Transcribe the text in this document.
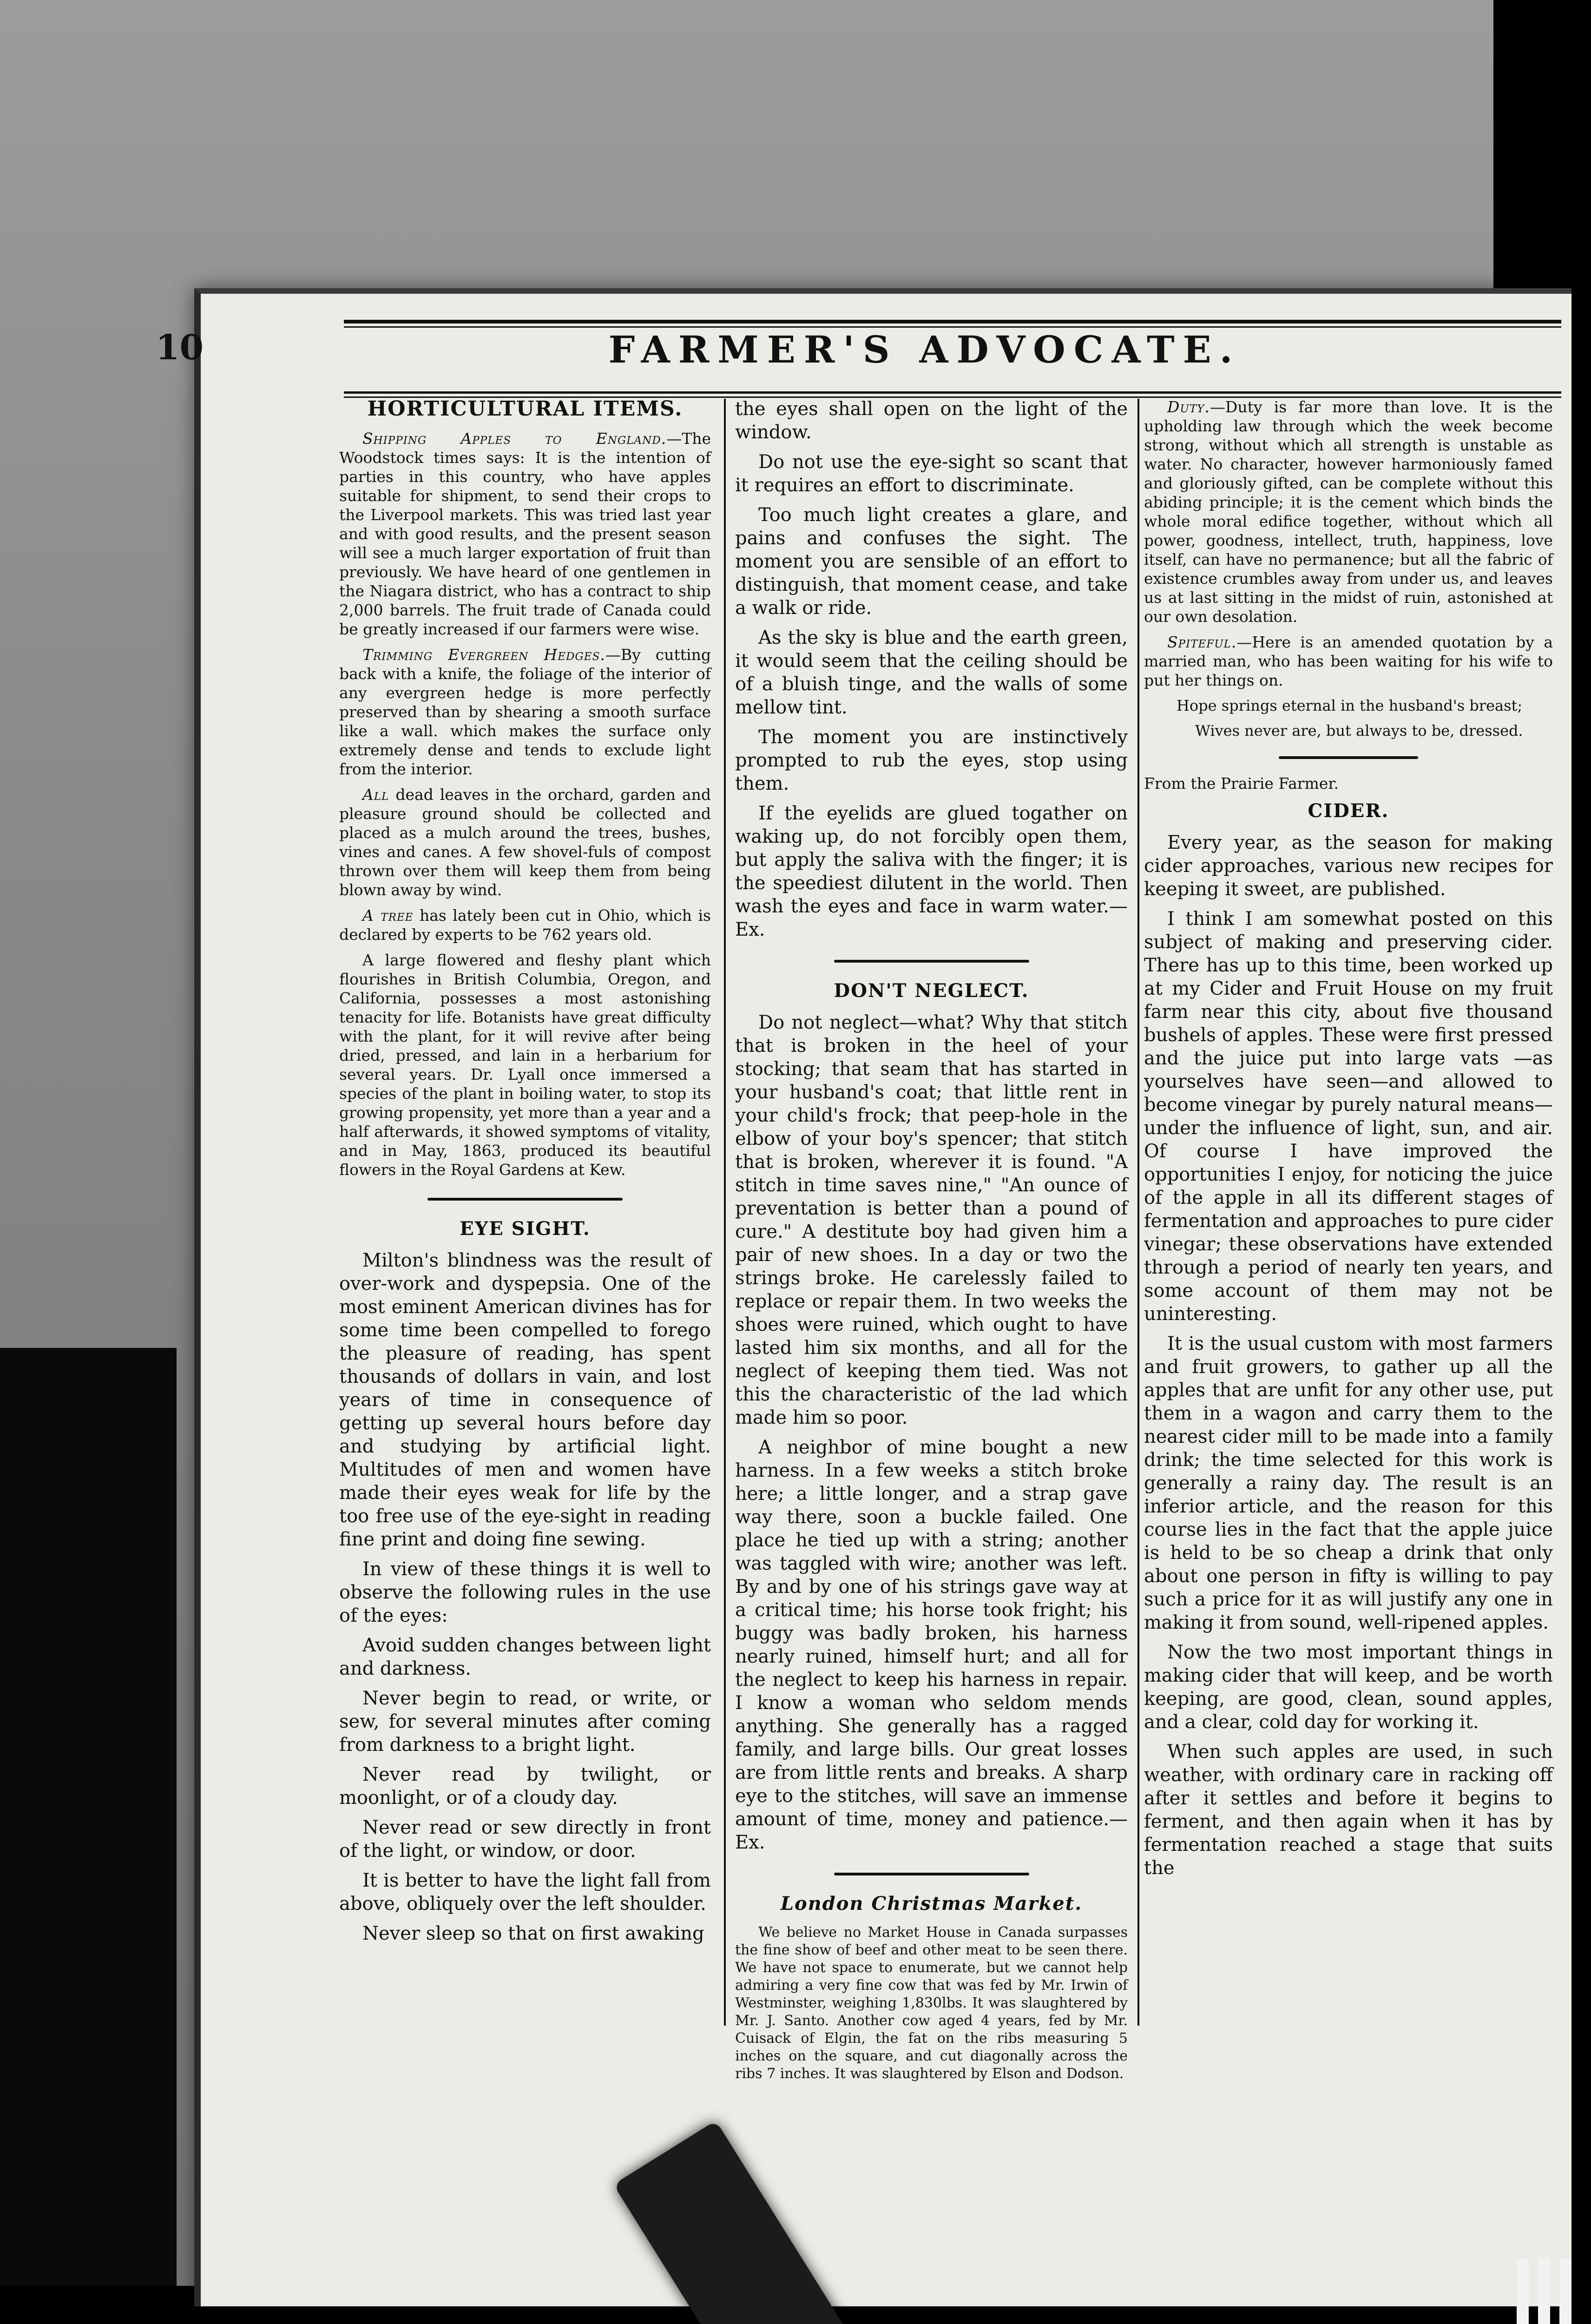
10	FARMER'S ADVOCATE.
HORTICULTURAL ITEMS.

Shipping Apples to England.—The Woodstock times says: It is the intention of parties in this country, who have apples suitable for shipment, to send their crops to the Liverpool markets. This was tried last year and with good results, and the present season will see a much larger exportation of fruit than previously. We have heard of one gentlemen in the Niagara district, who has a contract to ship 2,000 barrels. The fruit trade of Canada could be greatly increased if our farmers were wise.

Trimming Evergreen Hedges.—By cutting back with a knife, the foliage of the interior of any evergreen hedge is more perfectly preserved than by shearing a smooth surface like a wall. which makes the surface only extremely dense and tends to exclude light from the interior.

All dead leaves in the orchard, garden and pleasure ground should be collected and placed as a mulch around the trees, bushes, vines and canes. A few shovel-fuls of compost thrown over them will keep them from being blown away by wind.

A tree has lately been cut in Ohio, which is declared by experts to be 762 years old.

A large flowered and fleshy plant which flourishes in British Columbia, Oregon, and California, possesses a most astonishing tenacity for life. Botanists have great difficulty with the plant, for it will revive after being dried, pressed, and lain in a herbarium for several years. Dr. Lyall once immersed a species of the plant in boiling water, to stop its growing propensity, yet more than a year and a half afterwards, it showed symptoms of vitality, and in May, 1863, produced its beautiful flowers in the Royal Gardens at Kew.

EYE SIGHT.

Milton's blindness was the result of over-work and dyspepsia. One of the most eminent American divines has for some time been compelled to forego the pleasure of reading, has spent thousands of dollars in vain, and lost years of time in consequence of getting up several hours before day and studying by artificial light. Multitudes of men and women have made their eyes weak for life by the too free use of the eye-sight in reading fine print and doing fine sewing.

In view of these things it is well to observe the following rules in the use of the eyes:

Avoid sudden changes between light and darkness.

Never begin to read, or write, or sew, for several minutes after coming from darkness to a bright light.

Never read by twilight, or moonlight, or of a cloudy day.

Never read or sew directly in front of the light, or window, or door.

It is better to have the light fall from above, obliquely over the left shoulder.

Never sleep so that on first awaking

the eyes shall open on the light of the window.

Do not use the eye-sight so scant that it requires an effort to discriminate.

Too much light creates a glare, and pains and confuses the sight. The moment you are sensible of an effort to distinguish, that moment cease, and take a walk or ride.

As the sky is blue and the earth green, it would seem that the ceiling should be of a bluish tinge, and the walls of some mellow tint.

The moment you are instinctively prompted to rub the eyes, stop using them.

If the eyelids are glued togather on waking up, do not forcibly open them, but apply the saliva with the finger; it is the speediest dilutent in the world. Then wash the eyes and face in warm water.—Ex.

DON'T NEGLECT.

Do not neglect—what? Why that stitch that is broken in the heel of your stocking; that seam that has started in your husband's coat; that little rent in your child's frock; that peep-hole in the elbow of your boy's spencer; that stitch that is broken, wherever it is found. "A stitch in time saves nine," "An ounce of preventation is better than a pound of cure." A destitute boy had given him a pair of new shoes. In a day or two the strings broke. He carelessly failed to replace or repair them. In two weeks the shoes were ruined, which ought to have lasted him six months, and all for the neglect of keeping them tied. Was not this the characteristic of the lad which made him so poor.

A neighbor of mine bought a new harness. In a few weeks a stitch broke here; a little longer, and a strap gave way there, soon a buckle failed. One place he tied up with a string; another was taggled with wire; another was left. By and by one of his strings gave way at a critical time; his horse took fright; his buggy was badly broken, his harness nearly ruined, himself hurt; and all for the neglect to keep his harness in repair. I know a woman who seldom mends anything. She generally has a ragged family, and large bills. Our great losses are from little rents and breaks. A sharp eye to the stitches, will save an immense amount of time, money and patience.—Ex.

London Christmas Market.

We believe no Market House in Canada surpasses the fine show of beef and other meat to be seen there. We have not space to enumerate, but we cannot help admiring a very fine cow that was fed by Mr. Irwin of Westminster, weighing 1,830lbs. It was slaughtered by Mr. J. Santo. Another cow aged 4 years, fed by Mr. Cuisack of Elgin, the fat on the ribs measuring 5 inches on the square, and cut diagonally across the ribs 7 inches. It was slaughtered by Elson and Dodson.

Duty.—Duty is far more than love. It is the upholding law through which the week become strong, without which all strength is unstable as water. No character, however harmoniously famed and gloriously gifted, can be complete without this abiding principle; it is the cement which binds the whole moral edifice together, without which all power, goodness, intellect, truth, happiness, love itself, can have no permanence; but all the fabric of existence crumbles away from under us, and leaves us at last sitting in the midst of ruin, astonished at our own desolation.

Spiteful.—Here is an amended quotation by a married man, who has been waiting for his wife to put her things on.

Hope springs eternal in the husband's breast;

Wives never are, but always to be, dressed.

From the Prairie Farmer.

CIDER.

Every year, as the season for making cider approaches, various new recipes for keeping it sweet, are published.

I think I am somewhat posted on this subject of making and preserving cider. There has up to this time, been worked up at my Cider and Fruit House on my fruit farm near this city, about five thousand bushels of apples. These were first pressed and the juice put into large vats —as yourselves have seen—and allowed to become vinegar by purely natural means—under the influence of light, sun, and air. Of course I have improved the opportunities I enjoy, for noticing the juice of the apple in all its different stages of fermentation and approaches to pure cider vinegar; these observations have extended through a period of nearly ten years, and some account of them may not be uninteresting.

It is the usual custom with most farmers and fruit growers, to gather up all the apples that are unfit for any other use, put them in a wagon and carry them to the nearest cider mill to be made into a family drink; the time selected for this work is generally a rainy day. The result is an inferior article, and the reason for this course lies in the fact that the apple juice is held to be so cheap a drink that only about one person in fifty is willing to pay such a price for it as will justify any one in making it from sound, well-ripened apples.

Now the two most important things in making cider that will keep, and be worth keeping, are good, clean, sound apples, and a clear, cold day for working it.

When such apples are used, in such weather, with ordinary care in racking off after it settles and before it begins to ferment, and then again when it has by fermentation reached a stage that suits the
